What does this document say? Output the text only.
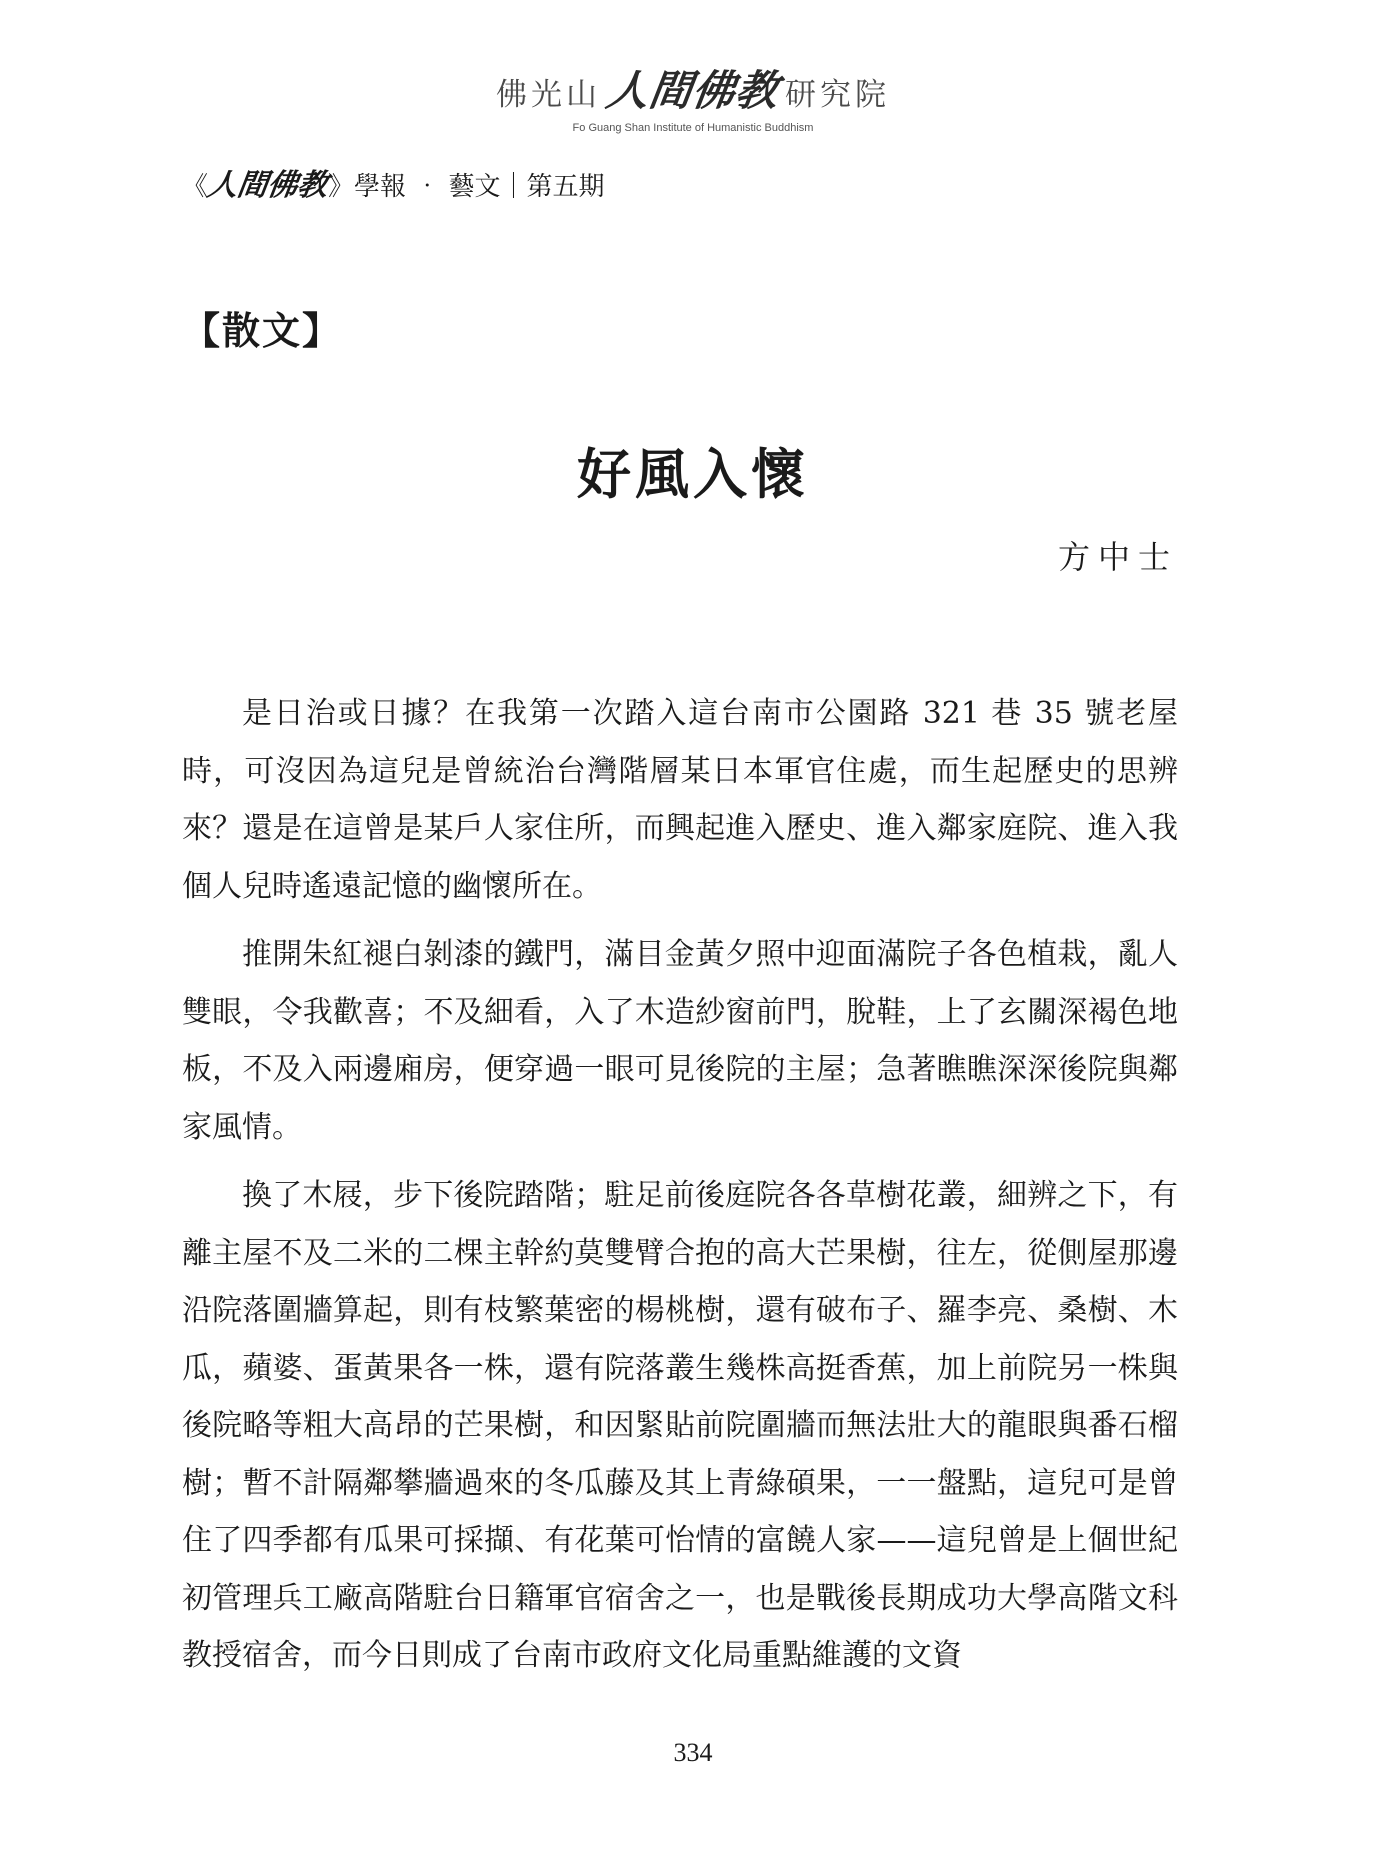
佛光山 人間佛教 研究院
Fo Guang Shan Institute of Humanistic Buddhism
《
人間佛教
》 學報 ‧ 藝文｜第五期
【散文】
好風入懷
方中士

是日治或日據？在我第一次踏入這台南市公園路 321 巷 35 號老屋時，可沒因為這兒是曾統治台灣階層某日本軍官住處，而生起歷史的思辨來？還是在這曾是某戶人家住所，而興起進入歷史、進入鄰家庭院、進入我個人兒時遙遠記憶的幽懷所在。

推開朱紅褪白剝漆的鐵門，滿目金黃夕照中迎面滿院子各色植栽，亂人雙眼，令我歡喜；不及細看，入了木造紗窗前門，脫鞋，上了玄關深褐色地板，不及入兩邊廂房，便穿過一眼可見後院的主屋；急著瞧瞧深深後院與鄰家風情。

換了木屐，步下後院踏階；駐足前後庭院各各草樹花叢，細辨之下，有離主屋不及二米的二棵主幹約莫雙臂合抱的高大芒果樹，往左，從側屋那邊沿院落圍牆算起，則有枝繁葉密的楊桃樹，還有破布子、羅李亮、桑樹、木瓜，蘋婆、蛋黃果各一株，還有院落叢生幾株高挺香蕉，加上前院另一株與後院略等粗大高昂的芒果樹，和因緊貼前院圍牆而無法壯大的龍眼與番石榴樹；暫不計隔鄰攀牆過來的冬瓜藤及其上青綠碩果，一一盤點，這兒可是曾住了四季都有瓜果可採擷、有花葉可怡情的富饒人家——這兒曾是上個世紀初管理兵工廠高階駐台日籍軍官宿舍之一，也是戰後長期成功大學高階文科教授宿舍，而今日則成了台南市政府文化局重點維護的文資

334
